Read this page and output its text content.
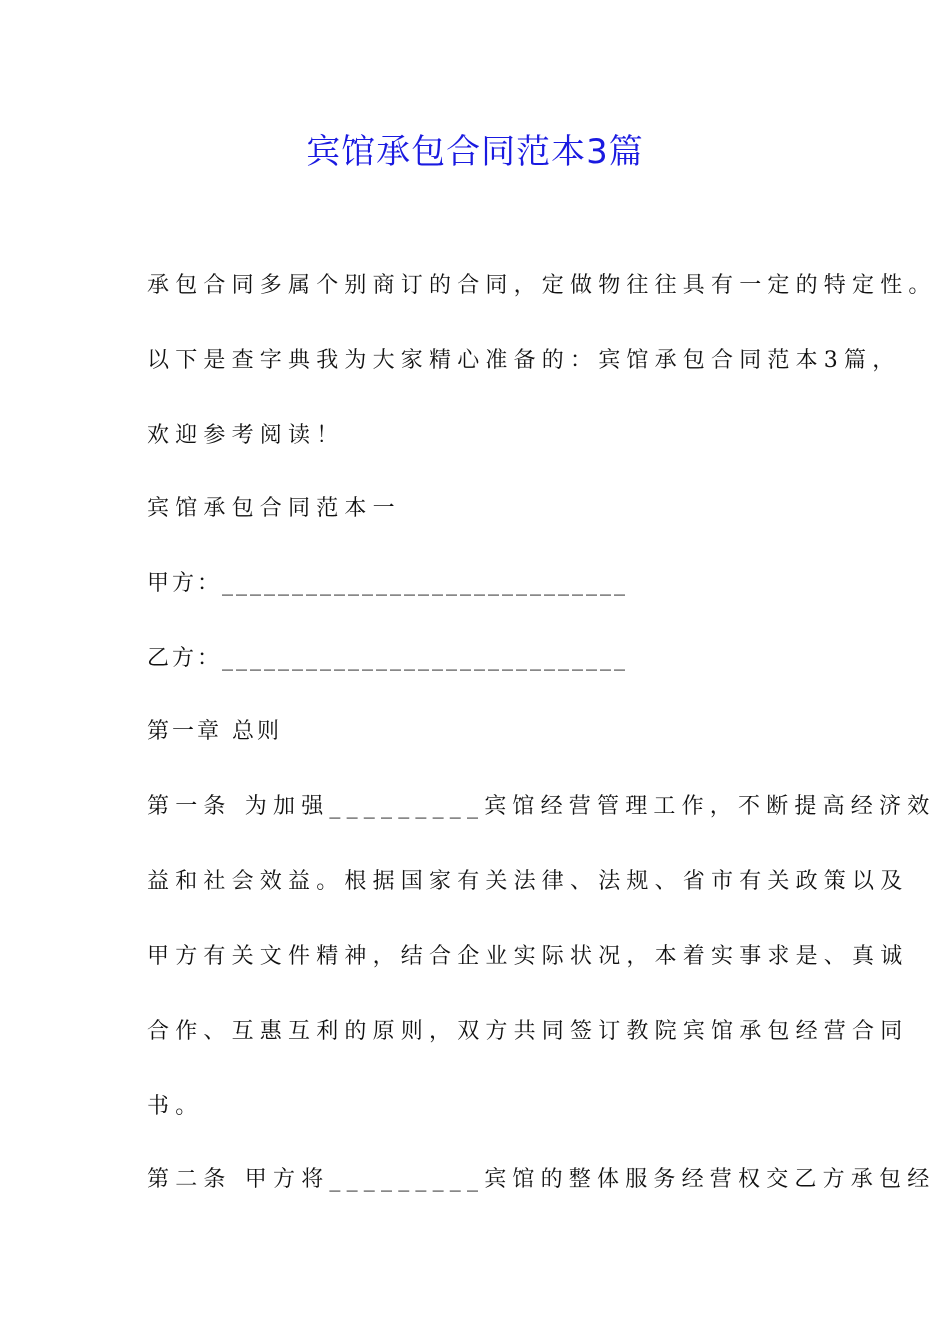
宾馆承包合同范本3篇
承包合同多属个别商订的合同，定做物往往具有一定的特定性。
以下是查字典我为大家精心准备的：宾馆承包合同范本3篇，
欢迎参考阅读！
宾馆承包合同范本一
甲方：_____________________________
乙方：_____________________________
第一章 总则
第一条 为加强_________宾馆经营管理工作，不断提高经济效
益和社会效益。根据国家有关法律、法规、省市有关政策以及
甲方有关文件精神，结合企业实际状况，本着实事求是、真诚
合作、互惠互利的原则，双方共同签订教院宾馆承包经营合同
书。
第二条 甲方将_________宾馆的整体服务经营权交乙方承包经
